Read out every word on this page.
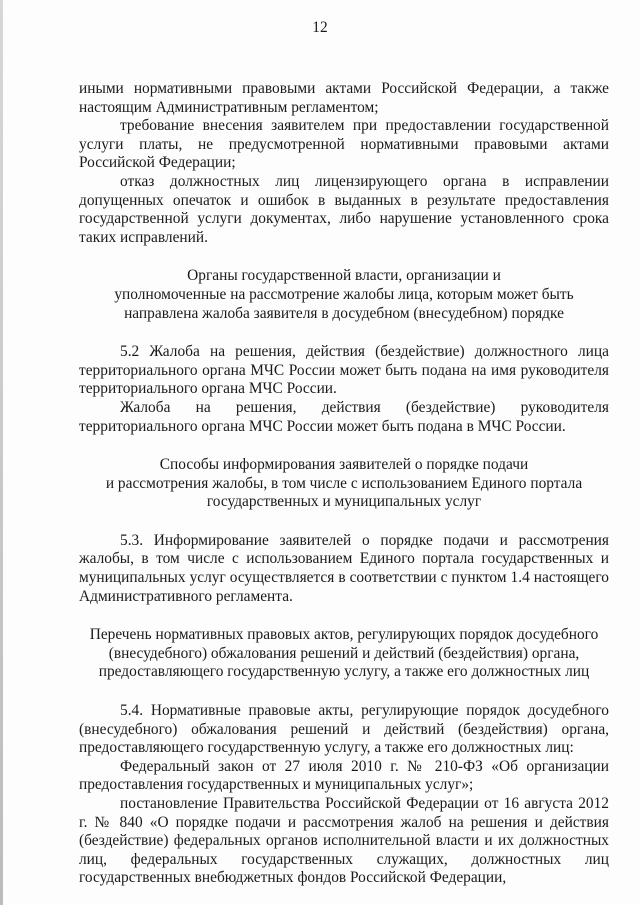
12

иными нормативными правовыми актами Российской Федерации, а также настоящим Административным регламентом;

требование внесения заявителем при предоставлении государственной услуги платы, не предусмотренной нормативными правовыми актами Российской Федерации;

отказ должностных лиц лицензирующего органа в исправлении допущенных опечаток и ошибок в выданных в результате предоставления государственной услуги документах, либо нарушение установленного срока таких исправлений.

Органы государственной власти, организации и
уполномоченные на рассмотрение жалобы лица, которым может быть
направлена жалоба заявителя в досудебном (внесудебном) порядке

5.2 Жалоба на решения, действия (бездействие) должностного лица территориального органа МЧС России может быть подана на имя руководителя территориального органа МЧС России.

Жалоба на решения, действия (бездействие) руководителя территориального органа МЧС России может быть подана в МЧС России.

Способы информирования заявителей о порядке подачи
и рассмотрения жалобы, в том числе с использованием Единого портала
государственных и муниципальных услуг

5.3. Информирование заявителей о порядке подачи и рассмотрения жалобы, в том числе с использованием Единого портала государственных и муниципальных услуг осуществляется в соответствии с пунктом 1.4 настоящего Административного регламента.

Перечень нормативных правовых актов, регулирующих порядок досудебного
(внесудебного) обжалования решений и действий (бездействия) органа,
предоставляющего государственную услугу, а также его должностных лиц

5.4. Нормативные правовые акты, регулирующие порядок досудебного (внесудебного) обжалования решений и действий (бездействия) органа, предоставляющего государственную услугу, а также его должностных лиц:

Федеральный закон от 27 июля 2010 г. № 210-ФЗ «Об организации предоставления государственных и муниципальных услуг»;

постановление Правительства Российской Федерации от 16 августа 2012 г. № 840 «О порядке подачи и рассмотрения жалоб на решения и действия (бездействие) федеральных органов исполнительной власти и их должностных лиц, федеральных государственных служащих, должностных лиц государственных внебюджетных фондов Российской Федерации,
